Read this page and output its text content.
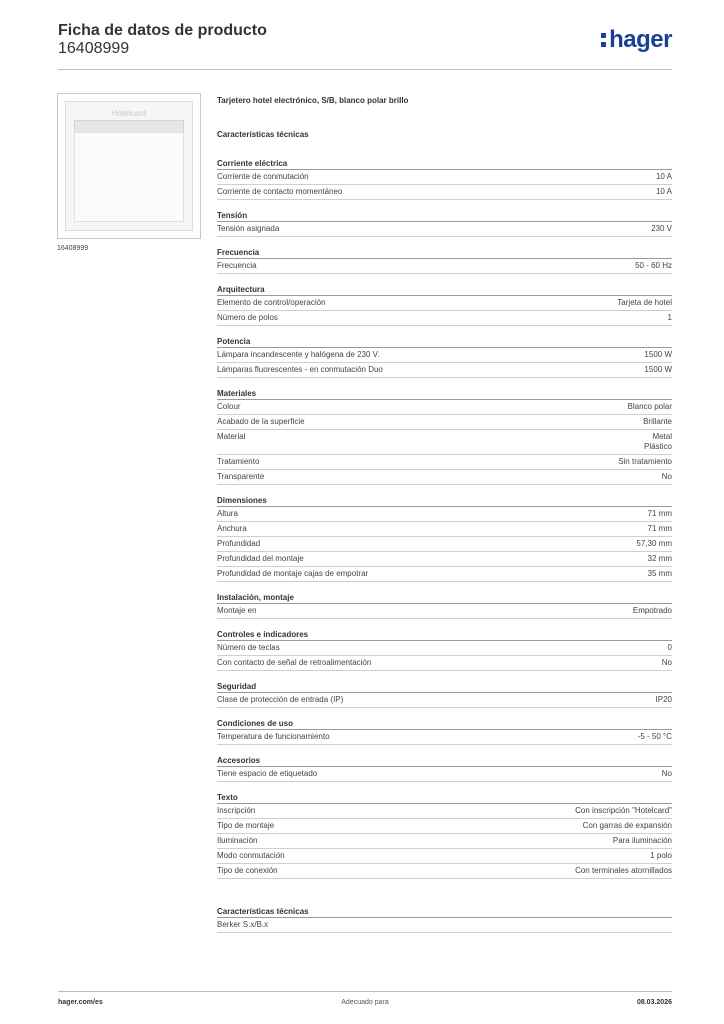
Ficha de datos de producto
16408999	hager
Hotelcard
16408999
Tarjetero hotel electrónico, S/B, blanco polar brillo
Características técnicas
Corriente eléctrica
Corriente de conmutación	10 A
Corriente de contacto momentáneo	10 A
Tensión
Tensión asignada	230 V
Frecuencia
Frecuencia	50 - 60 Hz
Arquitectura
Elemento de control/operación	Tarjeta de hotel
Número de polos	1
Potencia
Lámpara incandescente y halógena de 230 V.	1500 W
Lámparas fluorescentes - en conmutación Duo	1500 W
Materiales
Colour	Blanco polar
Acabado de la superficie	Brillante
Material	Metal
Plástico
Tratamiento	Sin tratamiento
Transparente	No
Dimensiones
Altura	71 mm
Anchura	71 mm
Profundidad	57,30 mm
Profundidad del montaje	32 mm
Profundidad de montaje cajas de empotrar	35 mm
Instalación, montaje
Montaje en	Empotrado
Controles e indicadores
Número de teclas	0
Con contacto de señal de retroalimentación	No
Seguridad
Clase de protección de entrada (IP)	IP20
Condiciones de uso
Temperatura de funcionamiento	-5 - 50 °C
Accesorios
Tiene espacio de etiquetado	No
Texto
Inscripción	Con inscripción "Hotelcard"
Tipo de montaje	Con garras de expansión
Iluminación	Para iluminación
Modo conmutación	1 polo
Tipo de conexión	Con terminales atornillados
Características técnicas
Berker S.x/B.x
hager.com/es	Adecuado para	08.03.2026
